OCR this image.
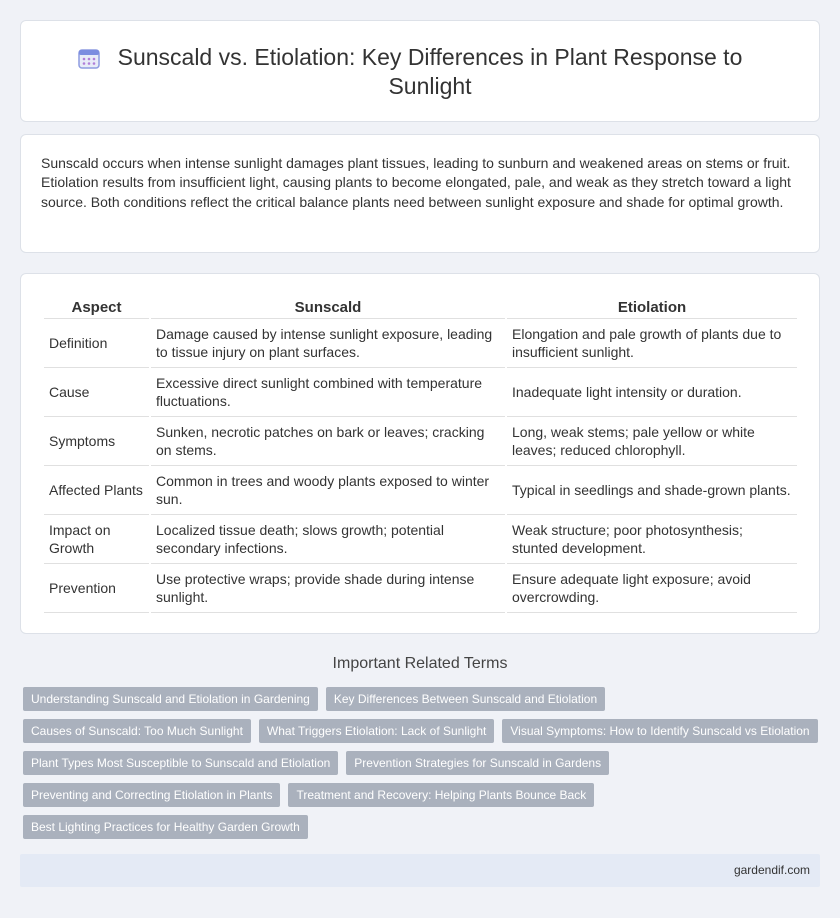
Sunscald vs. Etiolation: Key Differences in Plant Response to
Sunlight

Sunscald occurs when intense sunlight damages plant tissues, leading to sunburn and weakened areas on stems or fruit. Etiolation results from insufficient light, causing plants to become elongated, pale, and weak as they stretch toward a light source. Both conditions reflect the critical balance plants need between sunlight exposure and shade for optimal growth.

Aspect	Sunscald	Etiolation
Definition	Damage caused by intense sunlight exposure, leading to tissue injury on plant surfaces.	Elongation and pale growth of plants due to insufficient sunlight.
Cause	Excessive direct sunlight combined with temperature fluctuations.	Inadequate light intensity or duration.
Symptoms	Sunken, necrotic patches on bark or leaves; cracking on stems.	Long, weak stems; pale yellow or white leaves; reduced chlorophyll.
Affected Plants	Common in trees and woody plants exposed to winter sun.	Typical in seedlings and shade-grown plants.
Impact on Growth	Localized tissue death; slows growth; potential secondary infections.	Weak structure; poor photosynthesis; stunted development.
Prevention	Use protective wraps; provide shade during intense sunlight.	Ensure adequate light exposure; avoid overcrowding.
Important Related Terms
Understanding Sunscald and Etiolation in Gardening	Key Differences Between Sunscald and Etiolation
Causes of Sunscald: Too Much Sunlight	What Triggers Etiolation: Lack of Sunlight	Visual Symptoms: How to Identify Sunscald vs Etiolation
Plant Types Most Susceptible to Sunscald and Etiolation	Prevention Strategies for Sunscald in Gardens
Preventing and Correcting Etiolation in Plants	Treatment and Recovery: Helping Plants Bounce Back
Best Lighting Practices for Healthy Garden Growth
gardendif.com
